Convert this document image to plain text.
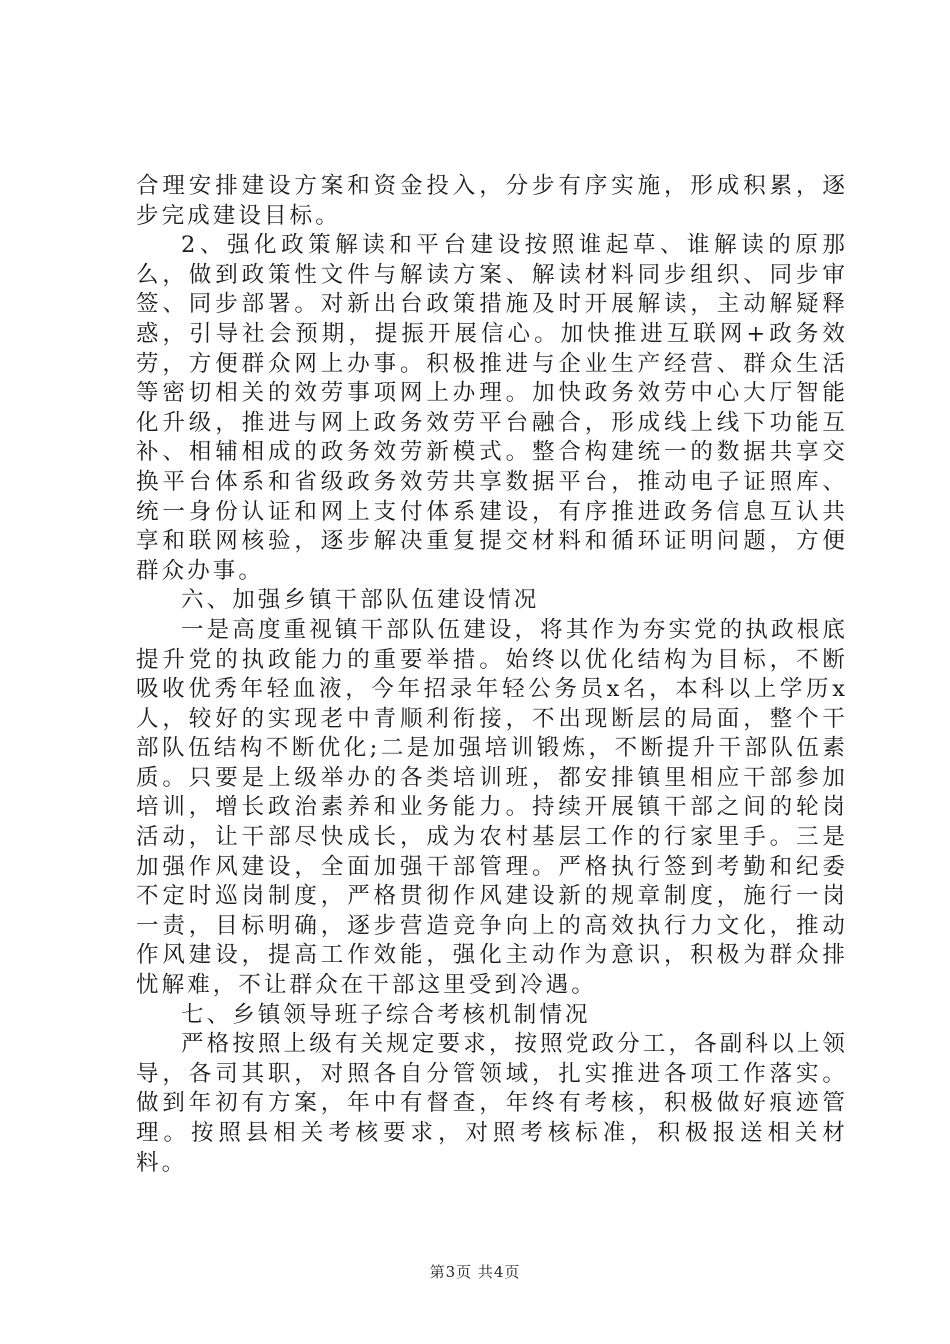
合理安排建设方案和资金投入，分步有序实施，形成积累，逐步完成建设目标。

2、强化政策解读和平台建设按照谁起草、谁解读的原那么，做到政策性文件与解读方案、解读材料同步组织、同步审签、同步部署。对新出台政策措施及时开展解读，主动解疑释惑，引导社会预期，提振开展信心。加快推进互联网+政务效劳，方便群众网上办事。积极推进与企业生产经营、群众生活等密切相关的效劳事项网上办理。加快政务效劳中心大厅智能化升级，推进与网上政务效劳平台融合，形成线上线下功能互补、相辅相成的政务效劳新模式。整合构建统一的数据共享交换平台体系和省级政务效劳共享数据平台，推动电子证照库、统一身份认证和网上支付体系建设，有序推进政务信息互认共享和联网核验，逐步解决重复提交材料和循环证明问题，方便群众办事。

六、加强乡镇干部队伍建设情况

一是高度重视镇干部队伍建设，将其作为夯实党的执政根底提升党的执政能力的重要举措。始终以优化结构为目标，不断吸收优秀年轻血液，今年招录年轻公务员x名，本科以上学历x人，较好的实现老中青顺利衔接，不出现断层的局面，整个干部队伍结构不断优化;二是加强培训锻炼，不断提升干部队伍素质。只要是上级举办的各类培训班，都安排镇里相应干部参加培训，增长政治素养和业务能力。持续开展镇干部之间的轮岗活动，让干部尽快成长，成为农村基层工作的行家里手。三是加强作风建设，全面加强干部管理。严格执行签到考勤和纪委不定时巡岗制度，严格贯彻作风建设新的规章制度，施行一岗一责，目标明确，逐步营造竞争向上的高效执行力文化，推动作风建设，提高工作效能，强化主动作为意识，积极为群众排忧解难，不让群众在干部这里受到冷遇。

七、乡镇领导班子综合考核机制情况

严格按照上级有关规定要求，按照党政分工，各副科以上领导，各司其职，对照各自分管领域，扎实推进各项工作落实。做到年初有方案，年中有督查，年终有考核，积极做好痕迹管理。按照县相关考核要求，对照考核标准，积极报送相关材料。

第3页 共4页
